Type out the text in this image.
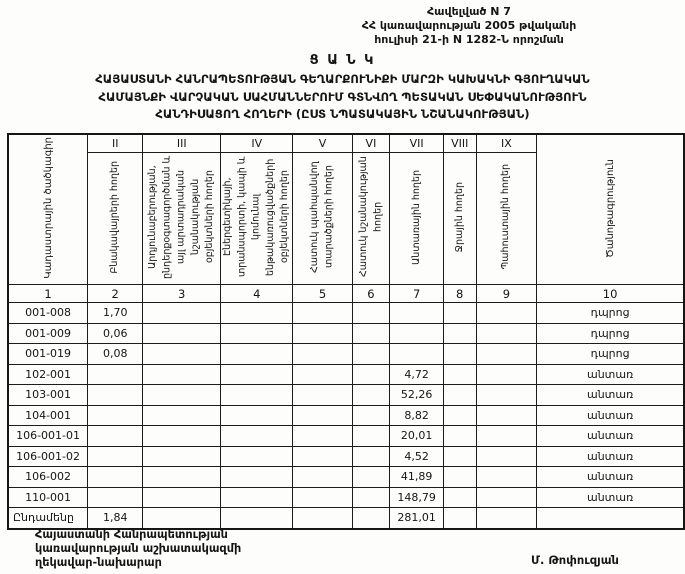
Հավելված N 7
ՀՀ կառավարության 2005 թվականի
հուլիսի 21-ի N 1282-Ն որոշման
Ց Ա Ն Կ
ՀԱՅԱՍՏԱՆԻ ՀԱՆՐԱՊԵՏՈՒԹՅԱՆ ԳԵՂԱՐՔՈՒՆԻՔԻ ՄԱՐԶԻ ԿԱԽԱԿՆԻ ԳՅՈՒՂԱԿԱՆ
ՀԱՄԱՅՆՔԻ ՎԱՐՉԱԿԱՆ ՍԱՀՄԱՆՆԵՐՈՒՄ ԳՏՆՎՈՂ ՊԵՏԱԿԱՆ ՍԵՓԱԿԱՆՈՒԹՅՈՒՆ
ՀԱՆԴԻՍԱՑՈՂ ՀՈՂԵՐԻ (ԸՍՏ ՆՊԱՏԱԿԱՅԻՆ ՆՇԱՆԱԿՈՒԹՅԱՆ)
Կադաստրային ծածկագիր	II	III	IV	V	VI	VII	VIII	IX	Ծանոթագրություն
	Բնակավայրերի հողեր	Արդյունաբերության, ընդերքօգտագործման և այլ արտադրական նշանակության օբյեկտների հողեր	Էներգետիկայի, տրանսպորտի, կապի և կոմունալ ենթակառուցվածքների օբյեկտների հողեր	Հատուկ պահպանվող տարածքների հողեր	Հատուկ նշանակության հողեր	Անտառային հողեր	Ջրային հողեր	Պահուստային հողեր	
1	2	3	4	5	6	7	8	9	10
001-008	1,70								դպրոց
001-009	0,06								դպրոց
001-019	0,08								դպրոց
102-001						4,72			անտառ
103-001						52,26			անտառ
104-001						8,82			անտառ
106-001-01						20,01			անտառ
106-001-02						4,52			անտառ
106-002						41,89			անտառ
110-001						148,79			անտառ
Ընդամենը	1,84					281,01			
Հայաստանի Հանրապետության
կառավարության աշխատակազմի
ղեկավար-նախարար	Մ. Թոփուզյան
